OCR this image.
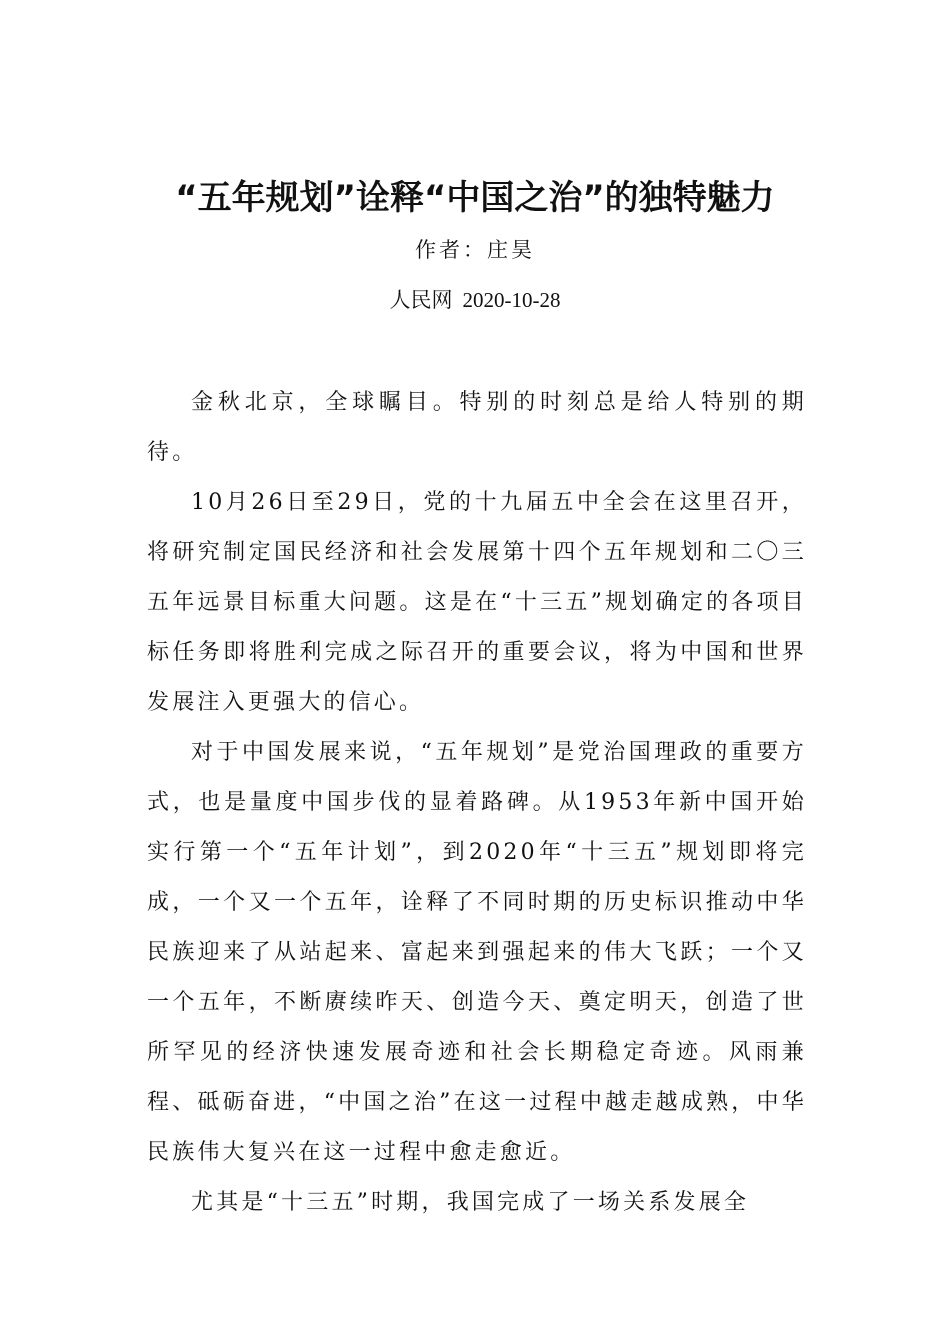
“五年规划”诠释“中国之治”的独特魅力
作者：庄昊
人民网 2020-10-28

金秋北京，全球瞩目。特别的时刻总是给人特别的期待。

10月26日至29日，党的十九届五中全会在这里召开，将研究制定国民经济和社会发展第十四个五年规划和二〇三五年远景目标重大问题。这是在“十三五”规划确定的各项目标任务即将胜利完成之际召开的重要会议，将为中国和世界发展注入更强大的信心。

对于中国发展来说，“五年规划”是党治国理政的重要方式，也是量度中国步伐的显着路碑。从1953年新中国开始实行第一个“五年计划”，到2020年“十三五”规划即将完成，一个又一个五年，诠释了不同时期的历史标识推动中华民族迎来了从站起来、富起来到强起来的伟大飞跃；一个又一个五年，不断赓续昨天、创造今天、奠定明天，创造了世所罕见的经济快速发展奇迹和社会长期稳定奇迹。风雨兼程、砥砺奋进，“中国之治”在这一过程中越走越成熟，中华民族伟大复兴在这一过程中愈走愈近。

尤其是“十三五”时期，我国完成了一场关系发展全
